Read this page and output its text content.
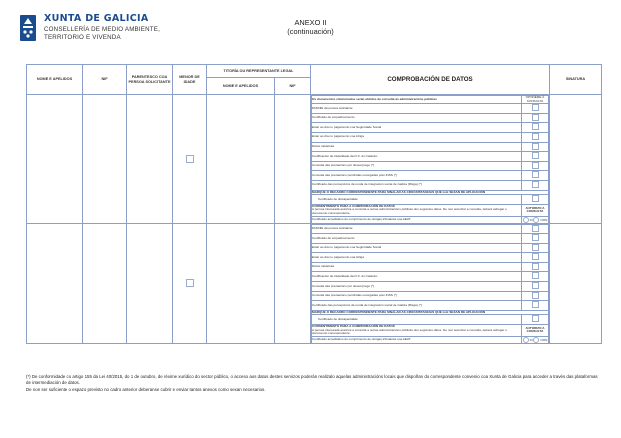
XUNTA DE GALICIA
CONSELLERÍA DE MEDIO AMBIENTE,
TERRITORIO E VIVENDA
ANEXO II
(continuación)
NOME E APELIDOS	NIF	PARENTESCO COA PERSOA SOLICITANTE	MENOR DE IDADE	TITORÍA OU REPRESENTANTE LEGAL	COMPROBACIÓN DE DATOS	SINATURA
NOME E APELIDOS	NIF

Os documentos relacionados serán obtidos de consulta ás administracións públicas	OPOÑÉME Á CONSULTA
DNI/NIE da persoa solicitante	
Certificado de empadroamento	
Estar ao día no pagamento coa Seguridade Social	
Estar ao día no pagamento coa Atriga	
Datos catastrais	
Certificación de titularidade da D.X. do Catastro	
Consulta das prestacións por desemprego (*)	
Consulta das prestacións percibidas outorgadas polo INSS (*)	
Certificado das percepcións da renda de integración social de Galicia (Risga) (*)	
MARQUE O RECADRO CORRESPONDENTE PARA SINALAR AS CIRCUNSTANCIAS QUE LLE SEXAN DE APLICACIÓN
Certificado de discapacidade	

CONSENTIMENTO PARA A COMPROBACIÓN DE DATOS
A persoa interesada autoriza a consulta a outras administracións públicas dos seguintes datos. De non autorizar a consulta, deberá achegar o documento correspondente.
	AUTORIZO A CONSULTA
Certificado acreditativo do cumprimento de obrigas tributarias coa AEAT	SI	NON

DNI/NIE da persoa solicitante	
Certificado de empadroamento	
Estar ao día no pagamento coa Seguridade Social	
Estar ao día no pagamento coa Atriga	
Datos catastrais	
Certificación de titularidade da D.X. do Catastro	
Consulta das prestacións por desemprego (*)	
Consulta das prestacións percibidas outorgadas polo INSS (*)	
Certificado das percepcións da renda de integración social de Galicia (Risga) (*)	
MARQUE O RECADRO CORRESPONDENTE PARA SINALAR AS CIRCUNSTANCIAS QUE LLE SEXAN DE APLICACIÓN
Certificado de discapacidade	

CONSENTIMENTO PARA A COMPROBACIÓN DE DATOS
A persoa interesada autoriza a consulta a outras administracións públicas dos seguintes datos. De non autorizar a consulta, deberá achegar o documento correspondente.
	AUTORIZO A CONSULTA
Certificado acreditativo do cumprimento de obrigas tributarias coa AEAT	SI	NON

(*) De conformidade co artigo 155 da Lei 40/2015, do 1 de outubro, de réxime xurídico do sector público, o acceso aos datos destes servizos poderán realizalo aquelas administracións locais que dispoñan do correspondente convenio coa Xunta de Galicia para acceder a través das plataformas de intermediación de datos.
De non ser suficiente o espazo previsto no cadro anterior deberanse cubrir e enviar tantos anexos como sexan necesarios.
